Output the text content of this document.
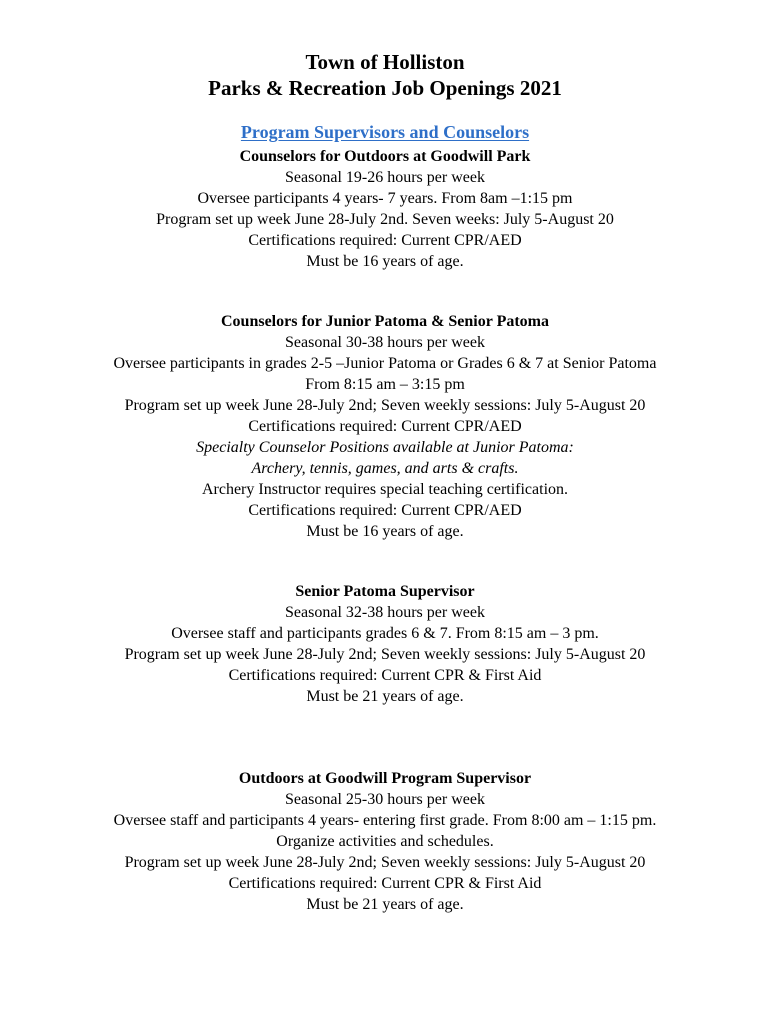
Town of Holliston

Parks & Recreation Job Openings 2021

Program Supervisors and Counselors

Counselors for Outdoors at Goodwill Park

Seasonal 19-26 hours per week

Oversee participants 4 years- 7 years. From 8am –1:15 pm

Program set up week June 28-July 2nd. Seven weeks: July 5-August 20

Certifications required: Current CPR/AED

Must be 16 years of age.

Counselors for Junior Patoma & Senior Patoma

Seasonal 30-38 hours per week

Oversee participants in grades 2-5 –Junior Patoma or Grades 6 & 7 at Senior Patoma

From 8:15 am – 3:15 pm

Program set up week June 28-July 2nd; Seven weekly sessions: July 5-August 20

Certifications required: Current CPR/AED

Specialty Counselor Positions available at Junior Patoma:

Archery, tennis, games, and arts & crafts.

Archery Instructor requires special teaching certification.

Certifications required: Current CPR/AED

Must be 16 years of age.

Senior Patoma Supervisor

Seasonal 32-38 hours per week

Oversee staff and participants grades 6 & 7. From 8:15 am – 3 pm.

Program set up week June 28-July 2nd; Seven weekly sessions: July 5-August 20

Certifications required: Current CPR & First Aid

Must be 21 years of age.

Outdoors at Goodwill Program Supervisor

Seasonal 25-30 hours per week

Oversee staff and participants 4 years- entering first grade. From 8:00 am – 1:15 pm.

Organize activities and schedules.

Program set up week June 28-July 2nd; Seven weekly sessions: July 5-August 20

Certifications required: Current CPR & First Aid

Must be 21 years of age.
